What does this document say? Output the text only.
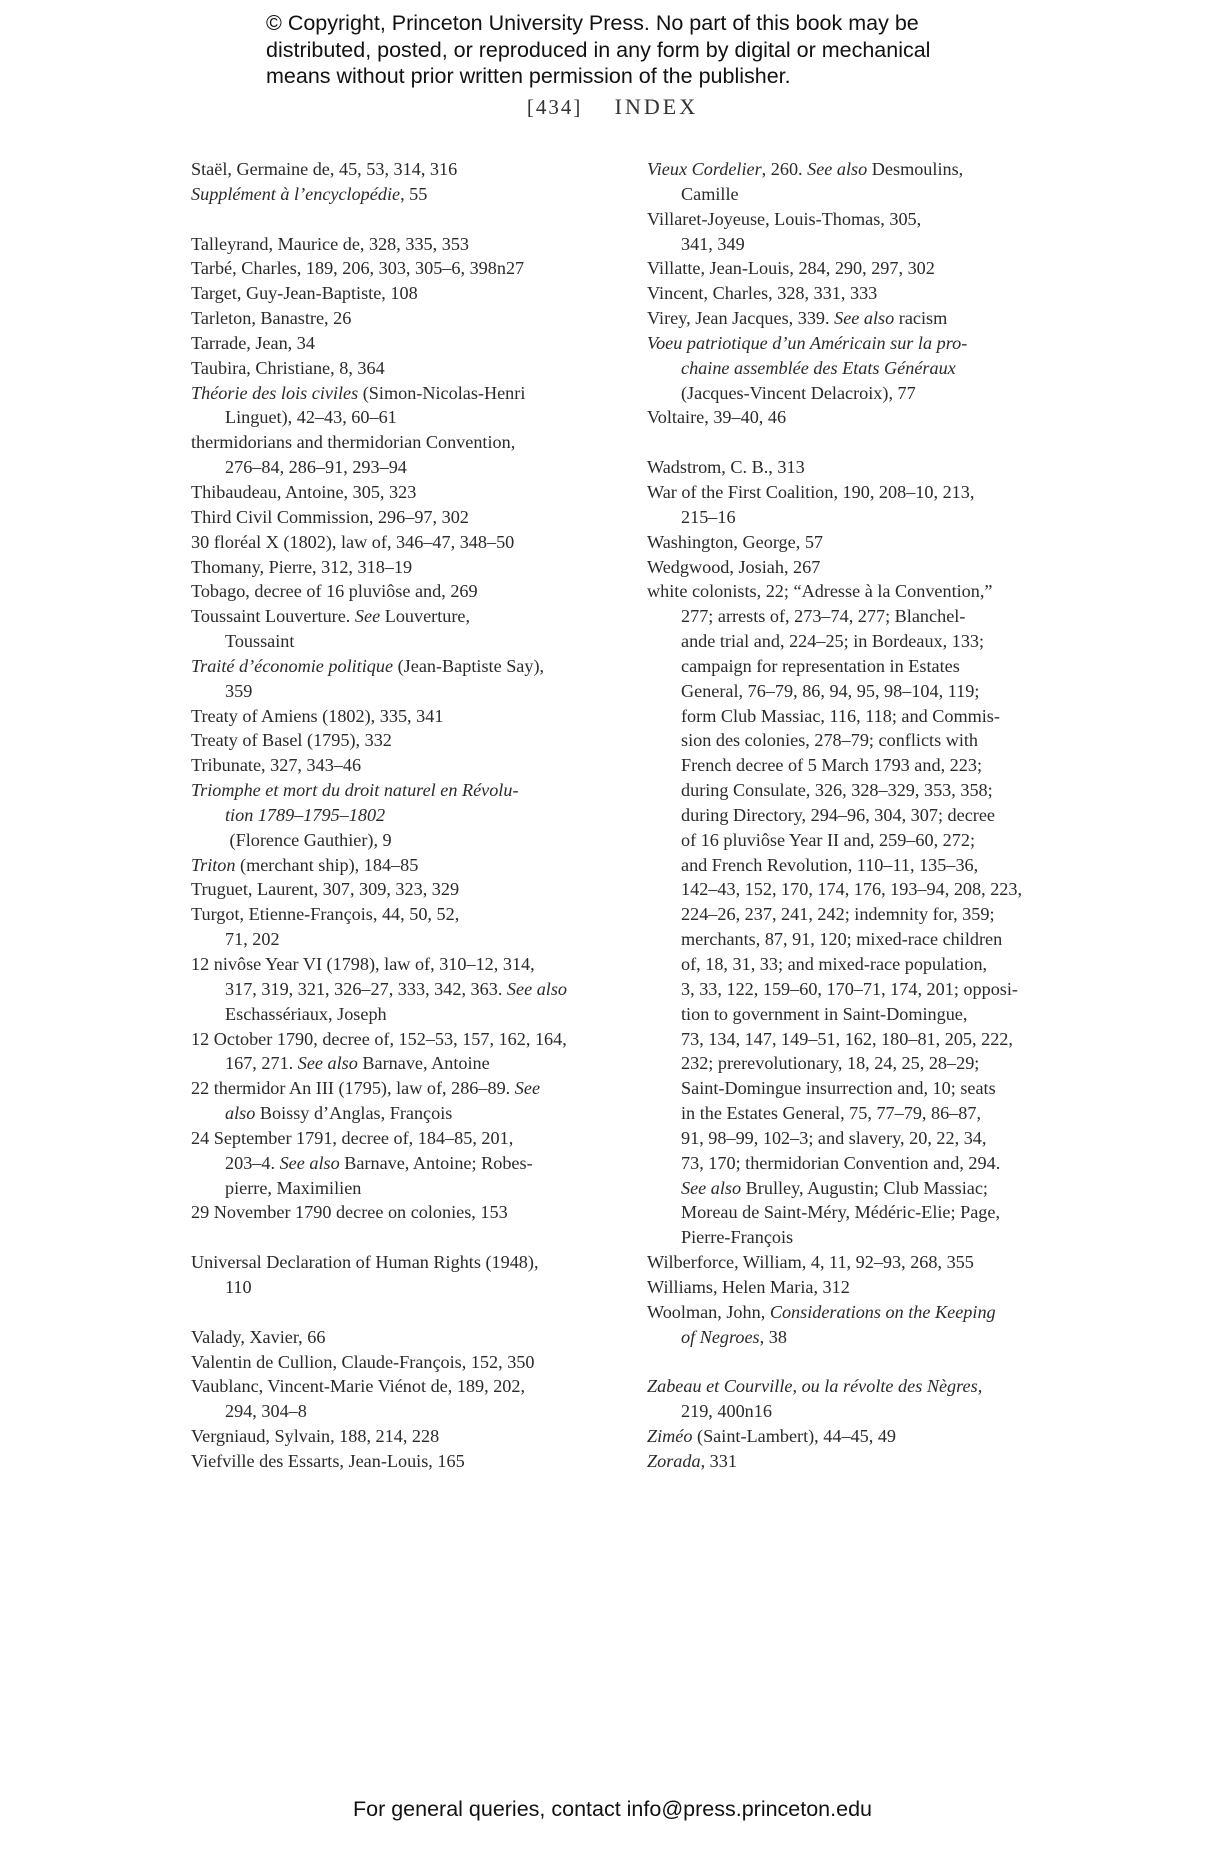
© Copyright, Princeton University Press. No part of this book may be
distributed, posted, or reproduced in any form by digital or mechanical
means without prior written permission of the publisher.
[434] INDEX

Staël, Germaine de, 45, 53, 314, 316

Supplément à l’encyclopédie, 55

Talleyrand, Maurice de, 328, 335, 353

Tarbé, Charles, 189, 206, 303, 305–6, 398n27

Target, Guy-Jean-Baptiste, 108

Tarleton, Banastre, 26

Tarrade, Jean, 34

Taubira, Christiane, 8, 364

Théorie des lois civiles (Simon-Nicolas-Henri
Linguet), 42–43, 60–61

thermidorians and thermidorian Convention,
276–84, 286–91, 293–94

Thibaudeau, Antoine, 305, 323

Third Civil Commission, 296–97, 302

30 floréal X (1802), law of, 346–47, 348–50

Thomany, Pierre, 312, 318–19

Tobago, decree of 16 pluviôse and, 269

Toussaint Louverture. See Louverture,
Toussaint

Traité d’économie politique (Jean-Baptiste Say),
359

Treaty of Amiens (1802), 335, 341

Treaty of Basel (1795), 332

Tribunate, 327, 343–46

Triomphe et mort du droit naturel en Révolu-
tion 1789–1795–1802
(Florence Gauthier), 9

Triton (merchant ship), 184–85

Truguet, Laurent, 307, 309, 323, 329

Turgot, Etienne-François, 44, 50, 52,
71, 202

12 nivôse Year VI (1798), law of, 310–12, 314,
317, 319, 321, 326–27, 333, 342, 363. See also
Eschassériaux, Joseph

12 October 1790, decree of, 152–53, 157, 162, 164,
167, 271. See also Barnave, Antoine

22 thermidor An III (1795), law of, 286–89. See
also Boissy d’Anglas, François

24 September 1791, decree of, 184–85, 201,
203–4. See also Barnave, Antoine; Robes-
pierre, Maximilien

29 November 1790 decree on colonies, 153

Universal Declaration of Human Rights (1948),
110

Valady, Xavier, 66

Valentin de Cullion, Claude-François, 152, 350

Vaublanc, Vincent-Marie Viénot de, 189, 202,
294, 304–8

Vergniaud, Sylvain, 188, 214, 228

Viefville des Essarts, Jean-Louis, 165

Vieux Cordelier, 260. See also Desmoulins,
Camille

Villaret-Joyeuse, Louis-Thomas, 305,
341, 349

Villatte, Jean-Louis, 284, 290, 297, 302

Vincent, Charles, 328, 331, 333

Virey, Jean Jacques, 339. See also racism

Voeu patriotique d’un Américain sur la pro-
chaine assemblée des Etats Généraux
(Jacques-Vincent Delacroix), 77

Voltaire, 39–40, 46

Wadstrom, C. B., 313

War of the First Coalition, 190, 208–10, 213,
215–16

Washington, George, 57

Wedgwood, Josiah, 267

white colonists, 22; “Adresse à la Convention,”
277; arrests of, 273–74, 277; Blanchel-
ande trial and, 224–25; in Bordeaux, 133;
campaign for representation in Estates
General, 76–79, 86, 94, 95, 98–104, 119;
form Club Massiac, 116, 118; and Commis-
sion des colonies, 278–79; conflicts with
French decree of 5 March 1793 and, 223;
during Consulate, 326, 328–329, 353, 358;
during Directory, 294–96, 304, 307; decree
of 16 pluviôse Year II and, 259–60, 272;
and French Revolution, 110–11, 135–36,
142–43, 152, 170, 174, 176, 193–94, 208, 223,
224–26, 237, 241, 242; indemnity for, 359;
merchants, 87, 91, 120; mixed-race children
of, 18, 31, 33; and mixed-race population,
3, 33, 122, 159–60, 170–71, 174, 201; opposi-
tion to government in Saint-Domingue,
73, 134, 147, 149–51, 162, 180–81, 205, 222,
232; prerevolutionary, 18, 24, 25, 28–29;
Saint-Domingue insurrection and, 10; seats
in the Estates General, 75, 77–79, 86–87,
91, 98–99, 102–3; and slavery, 20, 22, 34,
73, 170; thermidorian Convention and, 294.
See also Brulley, Augustin; Club Massiac;
Moreau de Saint-Méry, Médéric-Elie; Page,
Pierre-François

Wilberforce, William, 4, 11, 92–93, 268, 355

Williams, Helen Maria, 312

Woolman, John, Considerations on the Keeping
of Negroes, 38

Zabeau et Courville, ou la révolte des Nègres,
219, 400n16

Ziméo (Saint-Lambert), 44–45, 49

Zorada, 331

For general queries, contact info@press.princeton.edu
